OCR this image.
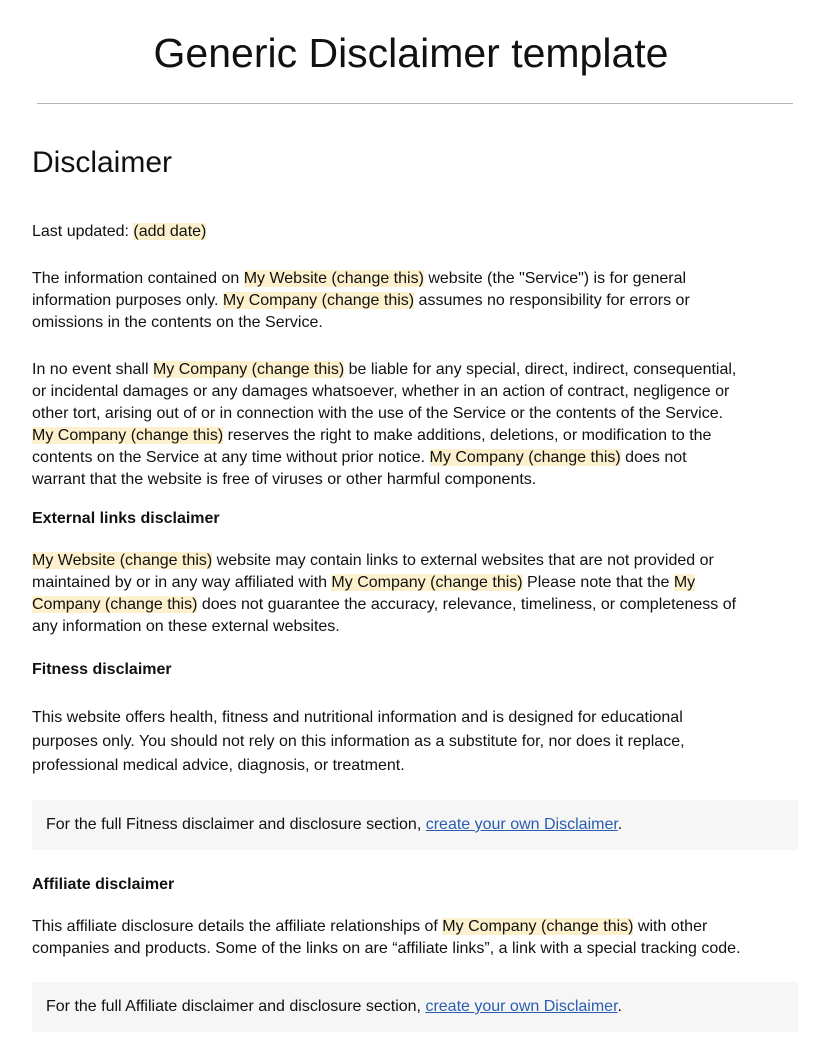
Generic Disclaimer template
Disclaimer

Last updated: (add date)

The information contained on My Website (change this) website (the "Service") is for general
information purposes only. My Company (change this) assumes no responsibility for errors or
omissions in the contents on the Service.

In no event shall My Company (change this) be liable for any special, direct, indirect, consequential,
or incidental damages or any damages whatsoever, whether in an action of contract, negligence or
other tort, arising out of or in connection with the use of the Service or the contents of the Service.
My Company (change this) reserves the right to make additions, deletions, or modification to the
contents on the Service at any time without prior notice. My Company (change this) does not
warrant that the website is free of viruses or other harmful components.

External links disclaimer

My Website (change this) website may contain links to external websites that are not provided or
maintained by or in any way affiliated with My Company (change this) Please note that the My
Company (change this) does not guarantee the accuracy, relevance, timeliness, or completeness of
any information on these external websites.

Fitness disclaimer

This website offers health, fitness and nutritional information and is designed for educational
purposes only. You should not rely on this information as a substitute for, nor does it replace,
professional medical advice, diagnosis, or treatment.

For the full Fitness disclaimer and disclosure section, create your own Disclaimer.
Affiliate disclaimer

This affiliate disclosure details the affiliate relationships of My Company (change this) with other
companies and products. Some of the links on are “affiliate links”, a link with a special tracking code.

For the full Affiliate disclaimer and disclosure section, create your own Disclaimer.
